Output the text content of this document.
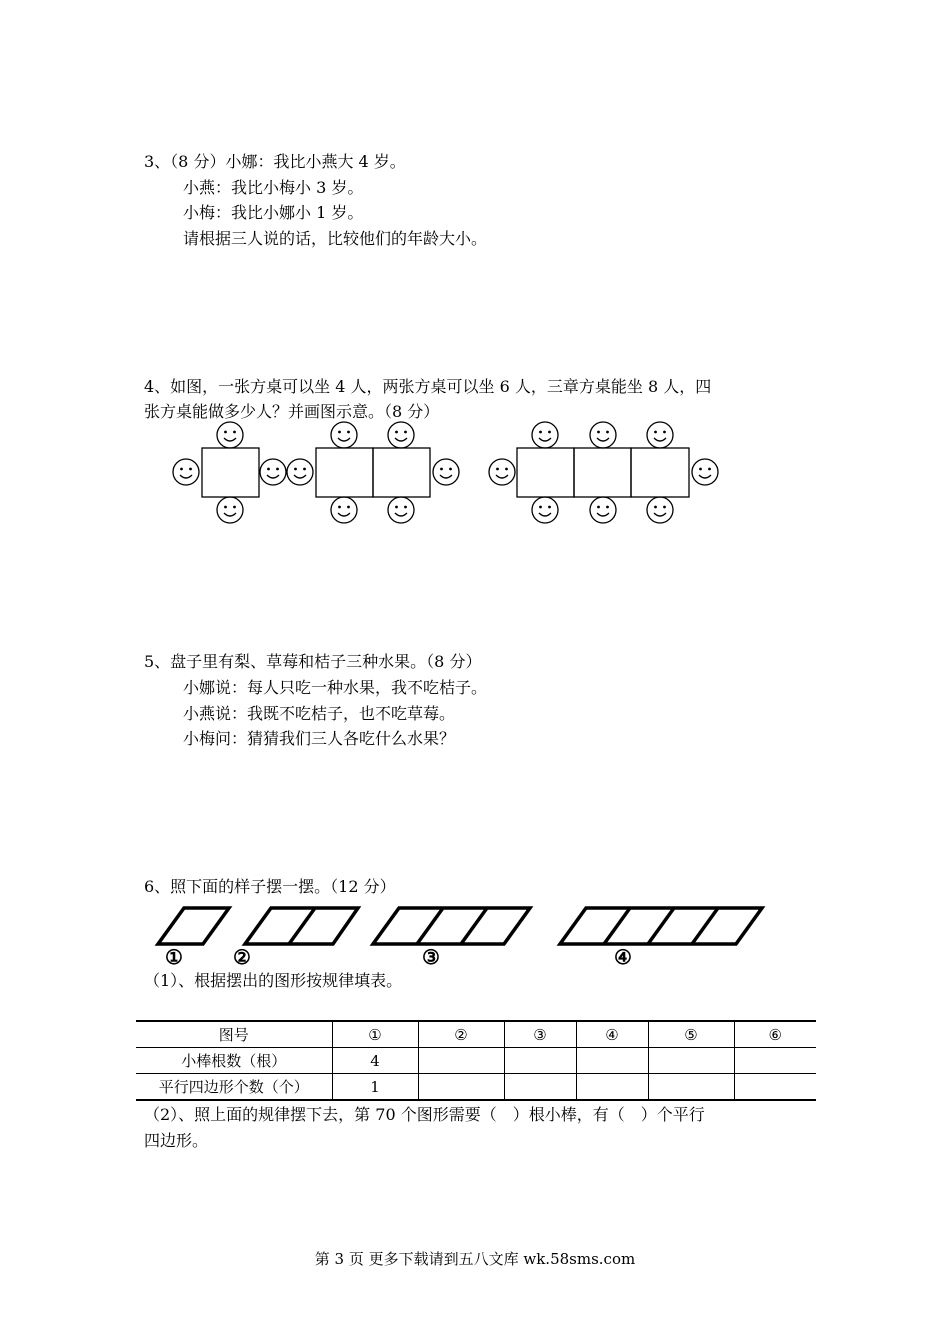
3、（8 分）小娜：我比小燕大 4 岁。
小燕：我比小梅小 3 岁。
小梅：我比小娜小 1 岁。
请根据三人说的话，比较他们的年龄大小。
4、如图，一张方桌可以坐 4 人，两张方桌可以坐 6 人，三章方桌能坐 8 人，四
张方桌能做多少人？并画图示意。（8 分）
5、盘子里有梨、草莓和桔子三种水果。（8 分）
小娜说：每人只吃一种水果，我不吃桔子。
小燕说：我既不吃桔子，也不吃草莓。
小梅问：猜猜我们三人各吃什么水果？
6、照下面的样子摆一摆。（12 分）
①	②	③	④
（1）、根据摆出的图形按规律填表。
图号	①	②	③	④	⑤	⑥
小棒根数（根）	4					
平行四边形个数（个）	1					
（2）、照上面的规律摆下去，第 70 个图形需要（　）根小棒，有（　）个平行
四边形。
第 3 页 更多下载请到五八文库 wk.58sms.com
